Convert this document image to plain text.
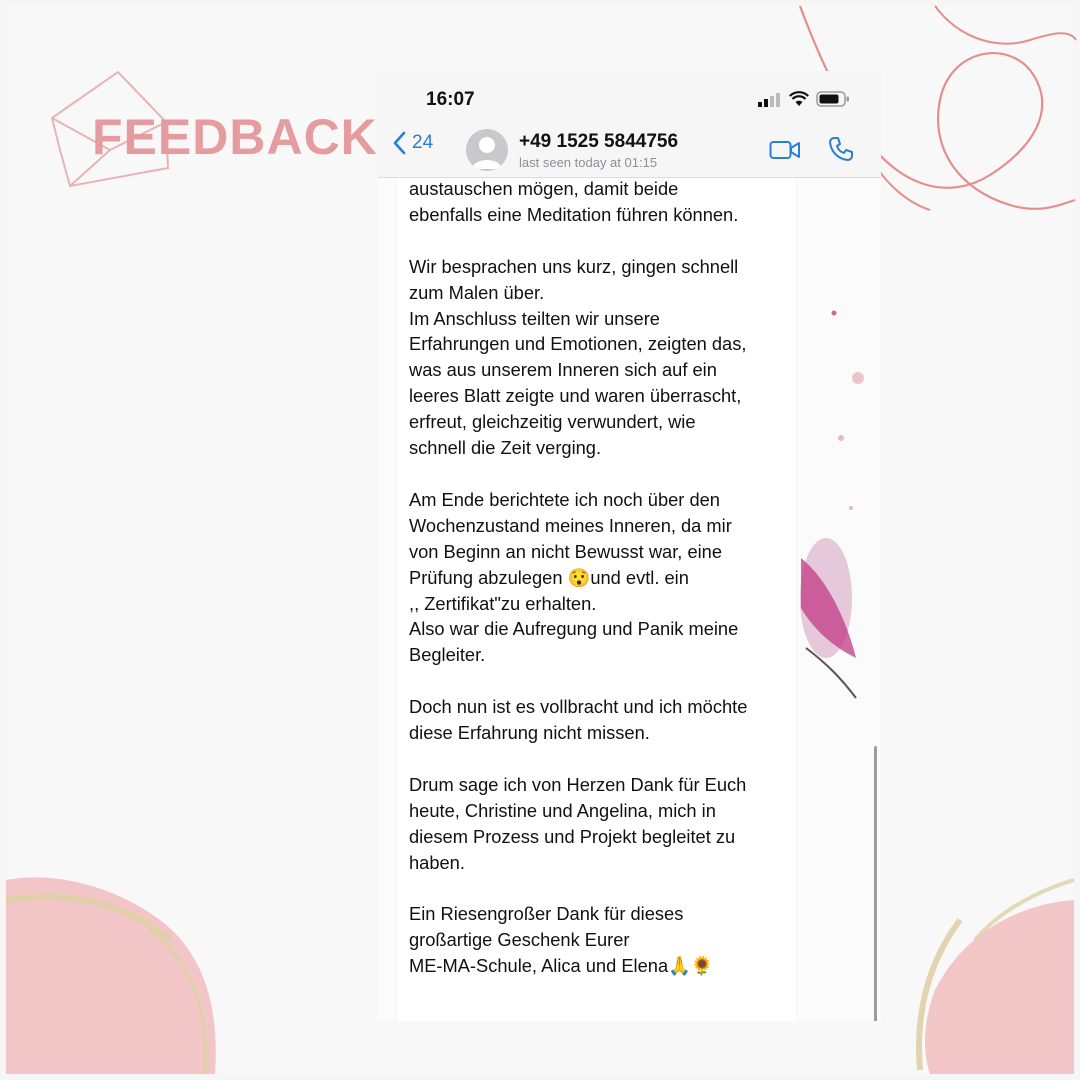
FEEDBACK
16:07
24	+49 1525 5844756
last seen today at 01:15
austauschen mögen, damit beide
ebenfalls eine Meditation führen können.

Wir besprachen uns kurz, gingen schnell
zum Malen über.
Im Anschluss teilten wir unsere
Erfahrungen und Emotionen, zeigten das,
was aus unserem Inneren sich auf ein
leeres Blatt zeigte und waren überrascht,
erfreut, gleichzeitig verwundert, wie
schnell die Zeit verging.

Am Ende berichtete ich noch über den
Wochenzustand meines Inneren, da mir
von Beginn an nicht Bewusst war, eine
Prüfung abzulegen 😯und evtl. ein
,, Zertifikat"zu erhalten.
Also war die Aufregung und Panik meine
Begleiter.

Doch nun ist es vollbracht und ich möchte
diese Erfahrung nicht missen.

Drum sage ich von Herzen Dank für Euch
heute, Christine und Angelina, mich in
diesem Prozess und Projekt begleitet zu
haben.

Ein Riesengroßer Dank für dieses
großartige Geschenk Eurer
ME-MA-Schule, Alica und Elena🙏🌻
